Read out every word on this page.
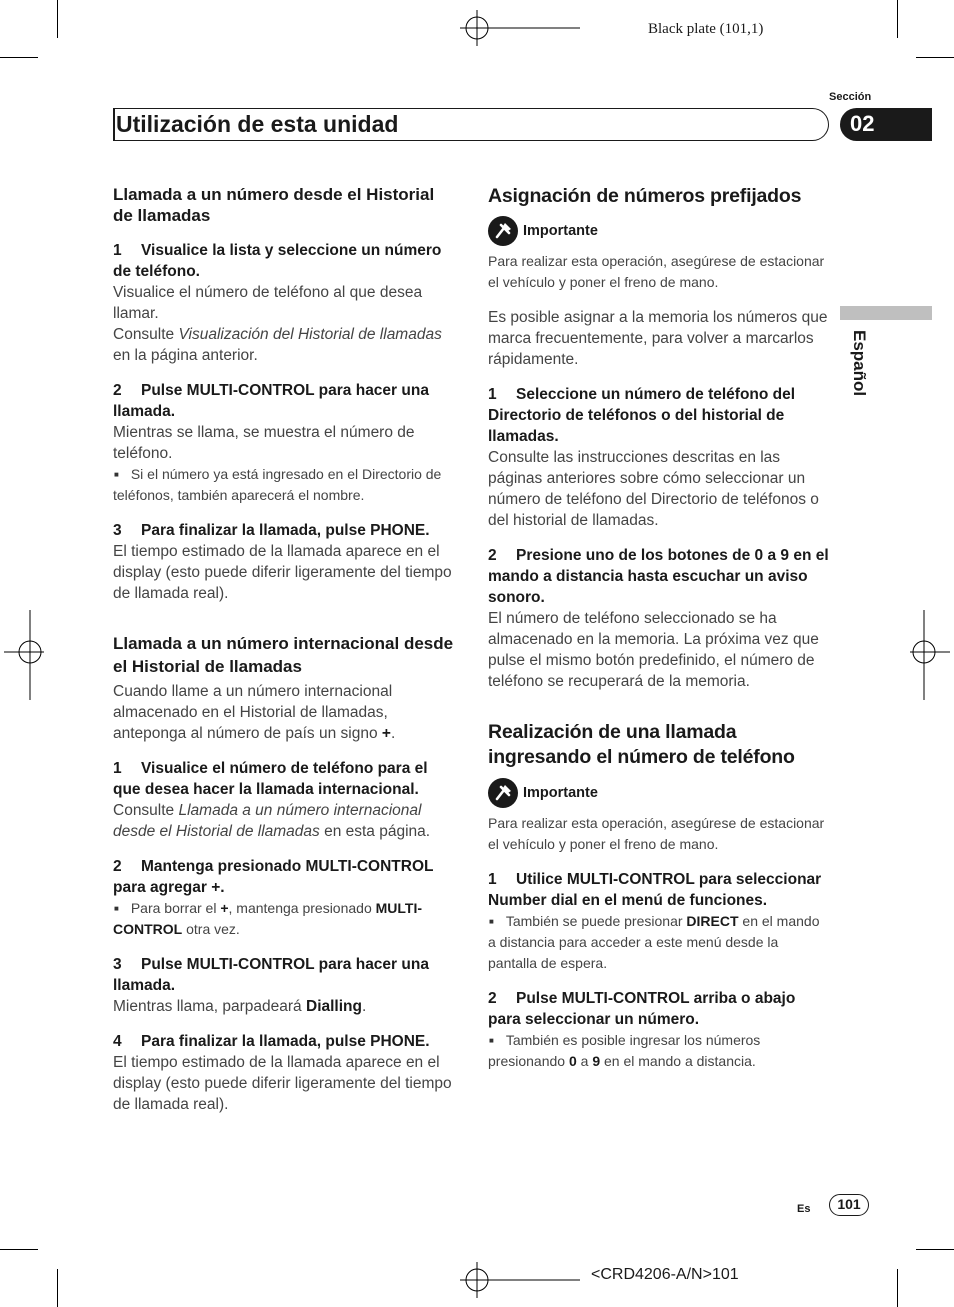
Black plate (101,1)
Sección
Utilización de esta unidad	02
Español

Llamada a un número desde el Historial de llamadas

1 Visualice la lista y seleccione un número de teléfono.

Visualice el número de teléfono al que desea llamar.

Consulte Visualización del Historial de llamadas en la página anterior.

2 Pulse MULTI-CONTROL para hacer una llamada.

Mientras se llama, se muestra el número de teléfono.

■ Si el número ya está ingresado en el Directorio de teléfonos, también aparecerá el nombre.

3 Para finalizar la llamada, pulse PHONE.

El tiempo estimado de la llamada aparece en el display (esto puede diferir ligeramente del tiempo de llamada real).

Llamada a un número internacional desde el Historial de llamadas

Cuando llame a un número internacional almacenado en el Historial de llamadas, anteponga al número de país un signo +.

1 Visualice el número de teléfono para el que desea hacer la llamada internacional.

Consulte Llamada a un número internacional desde el Historial de llamadas en esta página.

2 Mantenga presionado MULTI-CONTROL para agregar +.

■ Para borrar el +, mantenga presionado MULTI-CONTROL otra vez.

3 Pulse MULTI-CONTROL para hacer una llamada.

Mientras llama, parpadeará Dialling.

4 Para finalizar la llamada, pulse PHONE.

El tiempo estimado de la llamada aparece en el display (esto puede diferir ligeramente del tiempo de llamada real).

Asignación de números prefijados

Importante

Para realizar esta operación, asegúrese de estacionar el vehículo y poner el freno de mano.

Es posible asignar a la memoria los números que marca frecuentemente, para volver a marcarlos rápidamente.

1 Seleccione un número de teléfono del Directorio de teléfonos o del historial de llamadas.

Consulte las instrucciones descritas en las páginas anteriores sobre cómo seleccionar un número de teléfono del Directorio de teléfonos o del historial de llamadas.

2 Presione uno de los botones de 0 a 9 en el mando a distancia hasta escuchar un aviso sonoro.

El número de teléfono seleccionado se ha almacenado en la memoria. La próxima vez que pulse el mismo botón predefinido, el número de teléfono se recuperará de la memoria.

Realización de una llamada ingresando el número de teléfono

Importante

Para realizar esta operación, asegúrese de estacionar el vehículo y poner el freno de mano.

1 Utilice MULTI-CONTROL para seleccionar Number dial en el menú de funciones.

■ También se puede presionar DIRECT en el mando a distancia para acceder a este menú desde la pantalla de espera.

2 Pulse MULTI-CONTROL arriba o abajo para seleccionar un número.

■ También es posible ingresar los números presionando 0 a 9 en el mando a distancia.

Es	101
<CRD4206-A/N>101
